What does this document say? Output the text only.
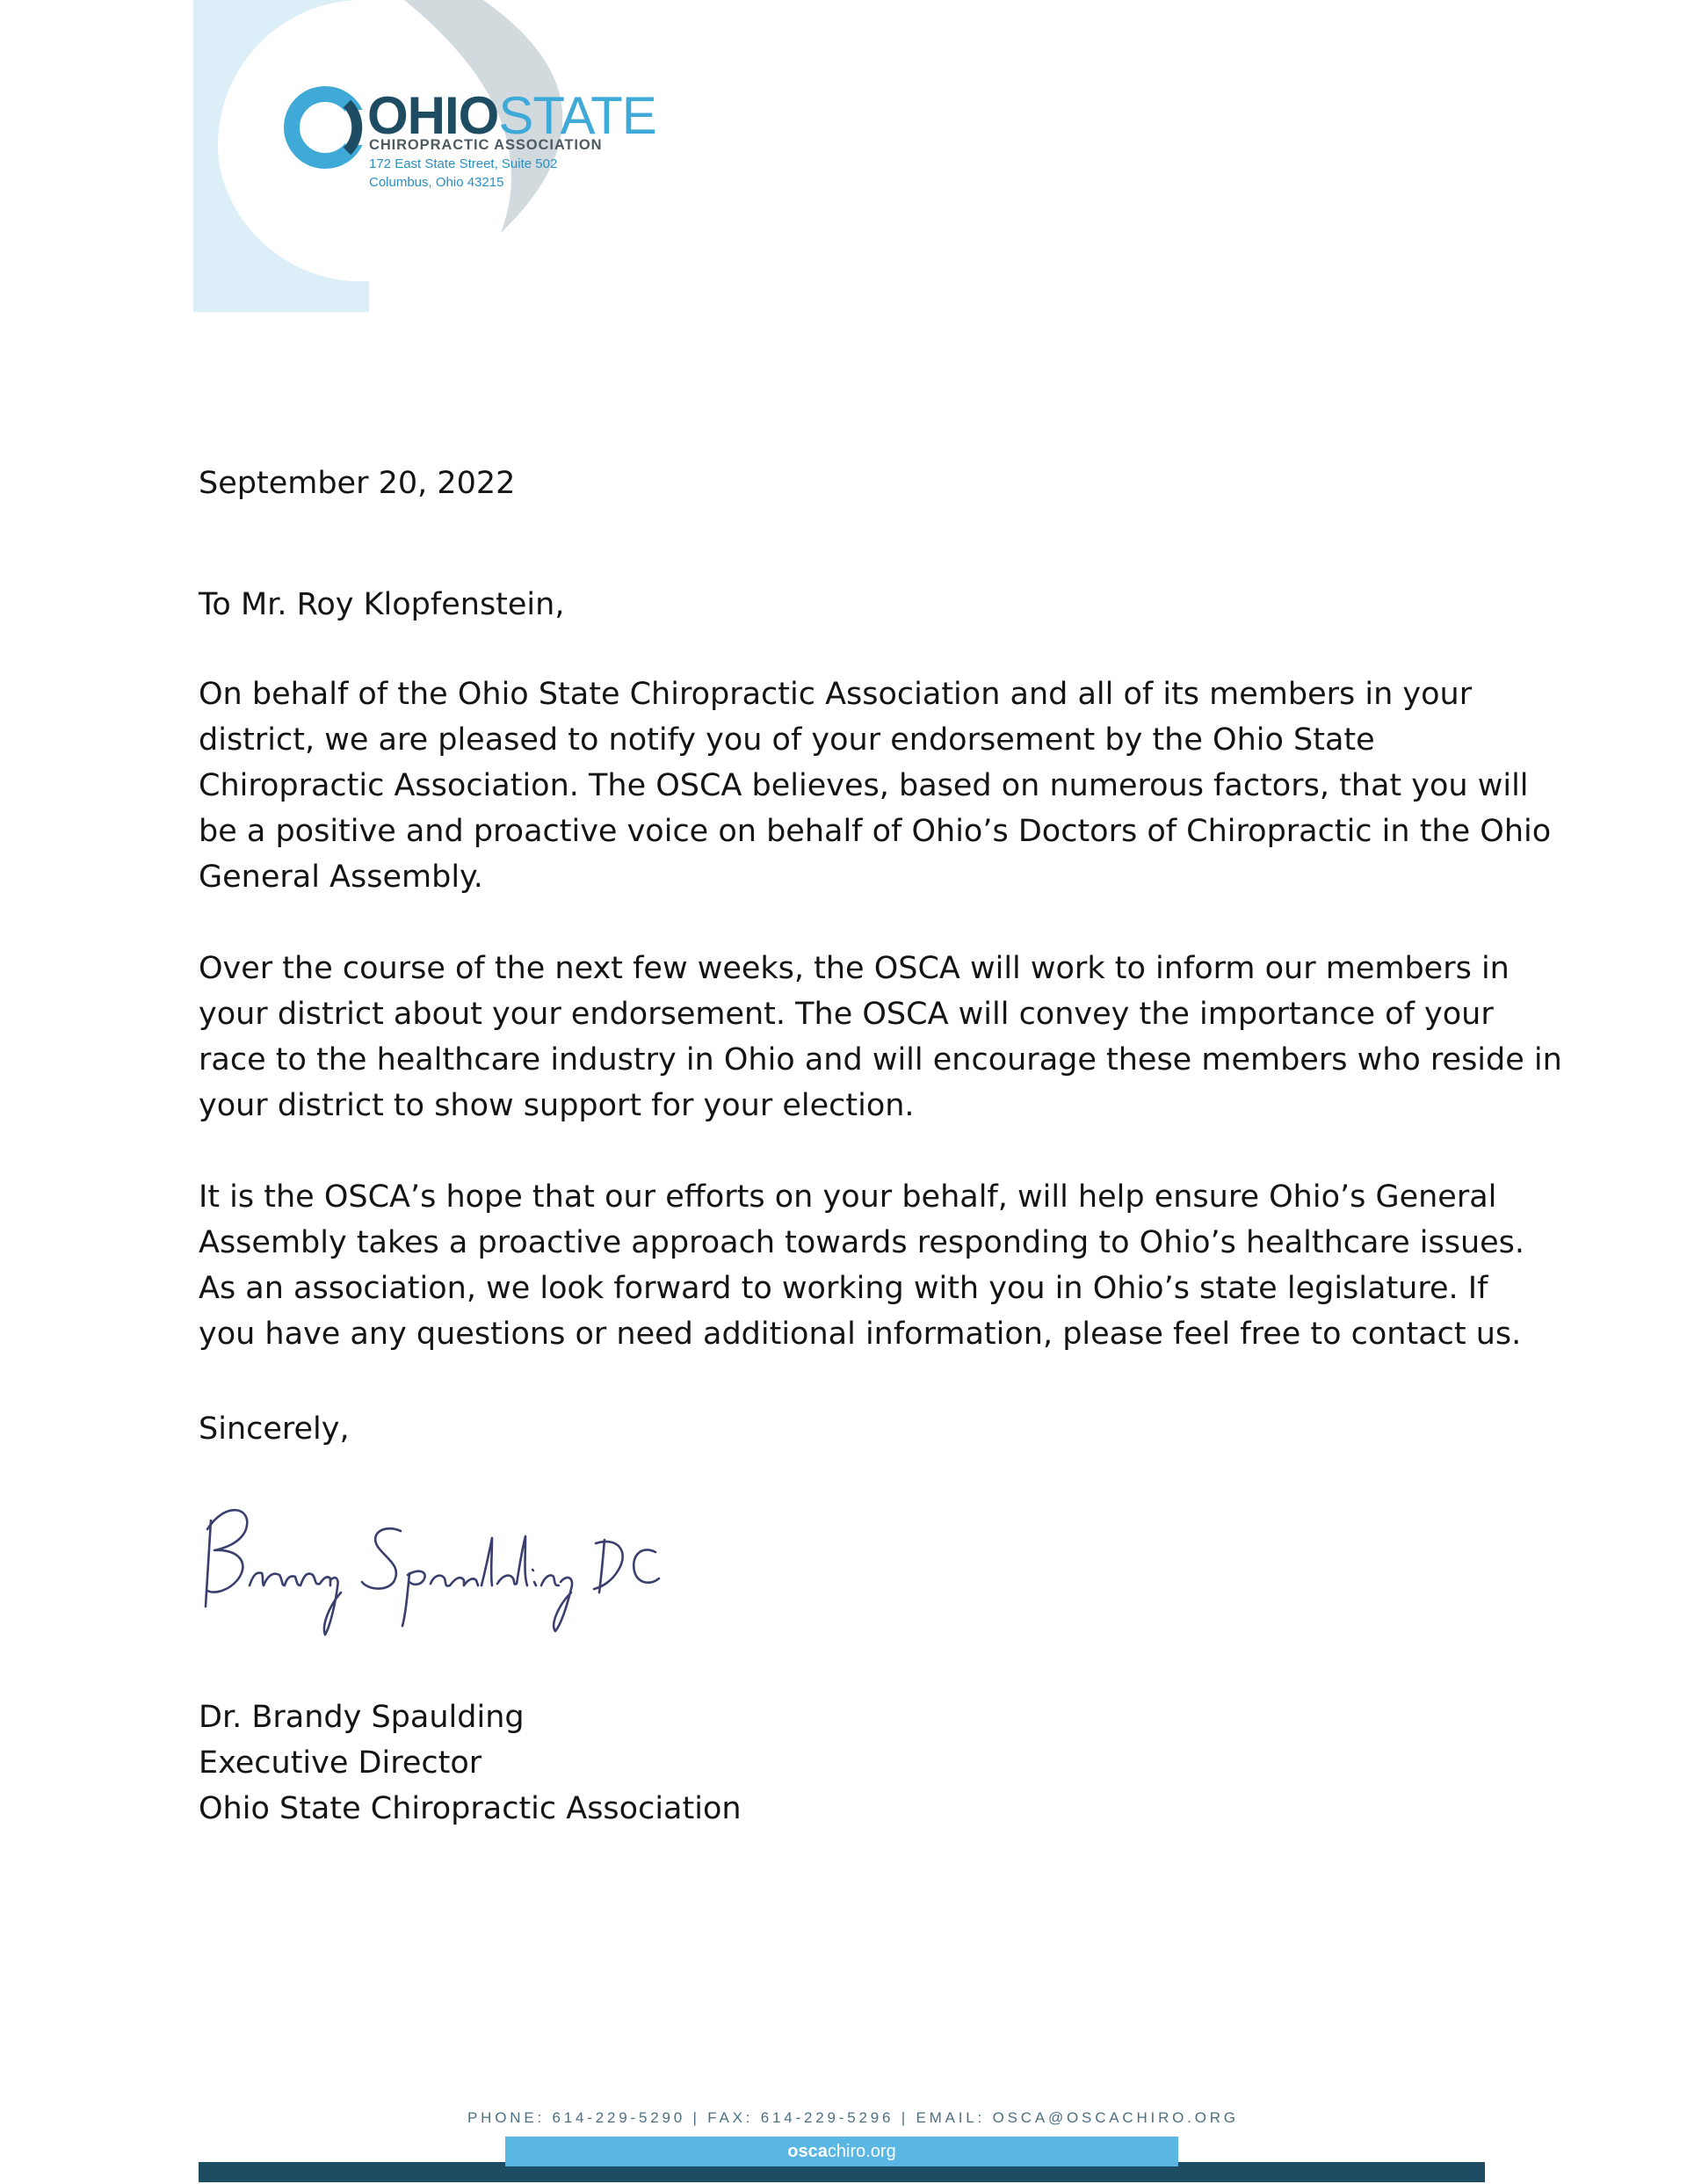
OHIOSTATE
CHIROPRACTIC ASSOCIATION
172 East State Street, Suite 502
Columbus, Ohio 43215
September 20, 2022
To Mr. Roy Klopfenstein,
On behalf of the Ohio State Chiropractic Association and all of its members in your
district, we are pleased to notify you of your endorsement by the Ohio State
Chiropractic Association. The OSCA believes, based on numerous factors, that you will
be a positive and proactive voice on behalf of Ohio’s Doctors of Chiropractic in the Ohio
General Assembly.
Over the course of the next few weeks, the OSCA will work to inform our members in
your district about your endorsement. The OSCA will convey the importance of your
race to the healthcare industry in Ohio and will encourage these members who reside in
your district to show support for your election.
It is the OSCA’s hope that our efforts on your behalf, will help ensure Ohio’s General
Assembly takes a proactive approach towards responding to Ohio’s healthcare issues.
As an association, we look forward to working with you in Ohio’s state legislature. If
you have any questions or need additional information, please feel free to contact us.
Sincerely,
Dr. Brandy Spaulding
Executive Director
Ohio State Chiropractic Association
PHONE: 614-229-5290 | FAX: 614-229-5296 | EMAIL: OSCA@OSCACHIRO.ORG
oscachiro.org
